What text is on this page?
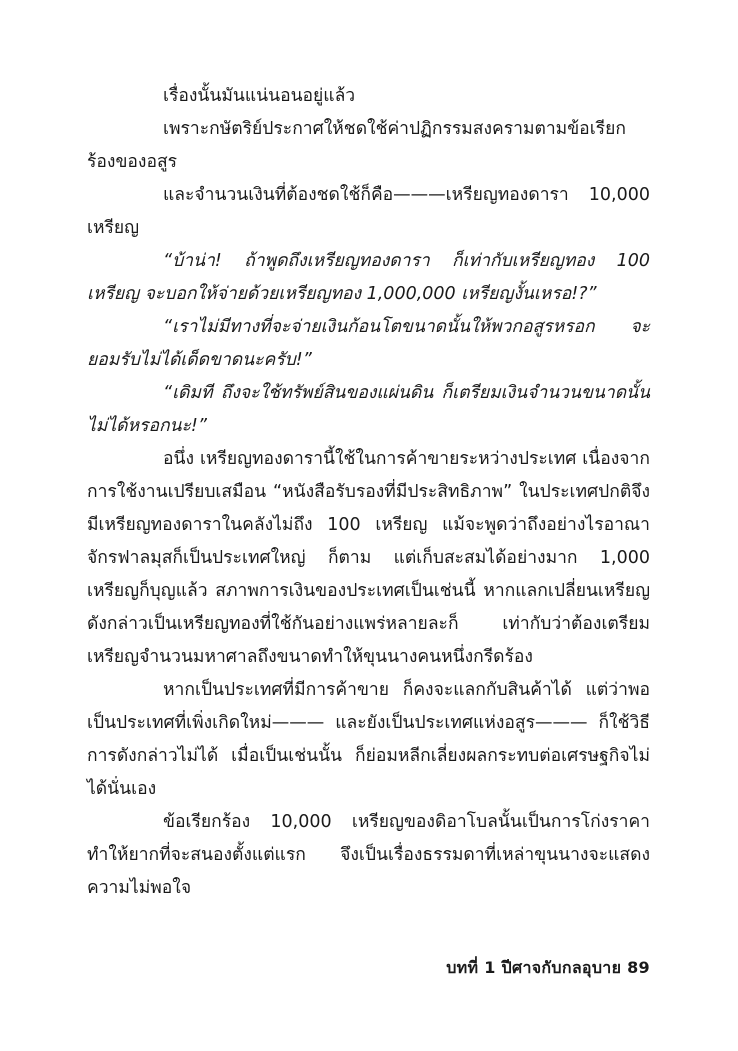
เรื่องนั้นมันแน่นอนอยู่แล้ว

เพราะกษัตริย์ประกาศให้ชดใช้ค่าปฏิกรรมสงครามตามข้อเรียกร้องของอสูร

และจำนวนเงินที่ต้องชดใช้ก็คือ———เหรียญทองดารา 10,000 เหรียญ

“บ้าน่า! ถ้าพูดถึงเหรียญทองดารา ก็เท่ากับเหรียญทอง 100 เหรียญ จะบอกให้จ่ายด้วยเหรียญทอง 1,000,000 เหรียญงั้นเหรอ!?”

“เราไม่มีทางที่จะจ่ายเงินก้อนโตขนาดนั้นให้พวกอสูรหรอก จะยอมรับไม่ได้เด็ดขาดนะครับ!”

“เดิมที ถึงจะใช้ทรัพย์สินของแผ่นดิน ก็เตรียมเงินจำนวนขนาดนั้นไม่ได้หรอกนะ!”

อนึ่ง เหรียญทองดารานี้ใช้ในการค้าขายระหว่างประเทศ เนื่องจากการใช้งานเปรียบเสมือน “หนังสือรับรองที่มีประสิทธิภาพ” ในประเทศปกติจึงมีเหรียญทองดาราในคลังไม่ถึง 100 เหรียญ แม้จะพูดว่าถึงอย่างไรอาณาจักรฟาลมุสก็เป็นประเทศใหญ่ ก็ตาม แต่เก็บสะสมได้อย่างมาก 1,000 เหรียญก็บุญแล้ว สภาพการเงินของประเทศเป็นเช่นนี้ หากแลกเปลี่ยนเหรียญดังกล่าวเป็นเหรียญทองที่ใช้กันอย่างแพร่หลายละก็ เท่ากับว่าต้องเตรียมเหรียญจำนวนมหาศาลถึงขนาดทำให้ขุนนางคนหนึ่งกรีดร้อง

หากเป็นประเทศที่มีการค้าขาย ก็คงจะแลกกับสินค้าได้ แต่ว่าพอเป็นประเทศที่เพิ่งเกิดใหม่——— และยังเป็นประเทศแห่งอสูร——— ก็ใช้วิธีการดังกล่าวไม่ได้ เมื่อเป็นเช่นนั้น ก็ย่อมหลีกเลี่ยงผลกระทบต่อเศรษฐกิจไม่ได้นั่นเอง

ข้อเรียกร้อง 10,000 เหรียญของดิอาโบลนั้นเป็นการโก่งราคาทำให้ยากที่จะสนองตั้งแต่แรก จึงเป็นเรื่องธรรมดาที่เหล่าขุนนางจะแสดงความไม่พอใจ

บทที่ 1 ปีศาจกับกลอุบาย 89
